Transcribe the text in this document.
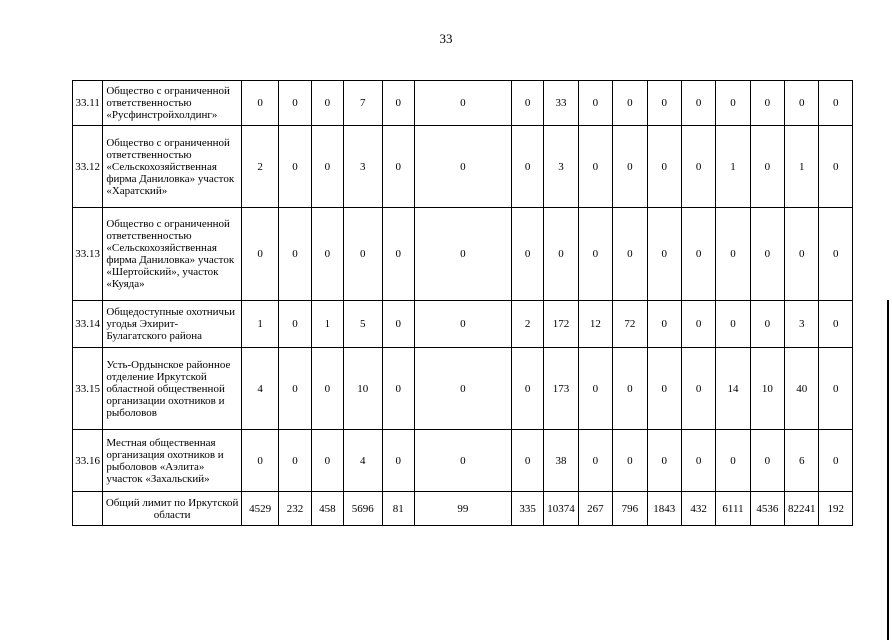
33
33.11	Общество с ограниченной ответственностью «Русфинстройхолдинг»	0	0	0	7	0	0	0	33	0	0	0	0	0	0	0	0
33.12	Общество с ограниченной ответственностью «Сельскохозяйственная фирма Даниловка» участок «Харатский»	2	0	0	3	0	0	0	3	0	0	0	0	1	0	1	0
33.13	Общество с ограниченной ответственностью «Сельскохозяйственная фирма Даниловка» участок «Шертойский», участок «Куяда»	0	0	0	0	0	0	0	0	0	0	0	0	0	0	0	0
33.14	Общедоступные охотничьи угодья Эхирит-Булагатского района	1	0	1	5	0	0	2	172	12	72	0	0	0	0	3	0
33.15	Усть-Ордынское районное отделение Иркутской областной общественной организации охотников и рыболовов	4	0	0	10	0	0	0	173	0	0	0	0	14	10	40	0
33.16	Местная общественная организация охотников и рыболовов «Аэлита» участок «Захальский»	0	0	0	4	0	0	0	38	0	0	0	0	0	0	6	0
	Общий лимит по Иркутской области	4529	232	458	5696	81	99	335	10374	267	796	1843	432	6111	4536	82241	192
